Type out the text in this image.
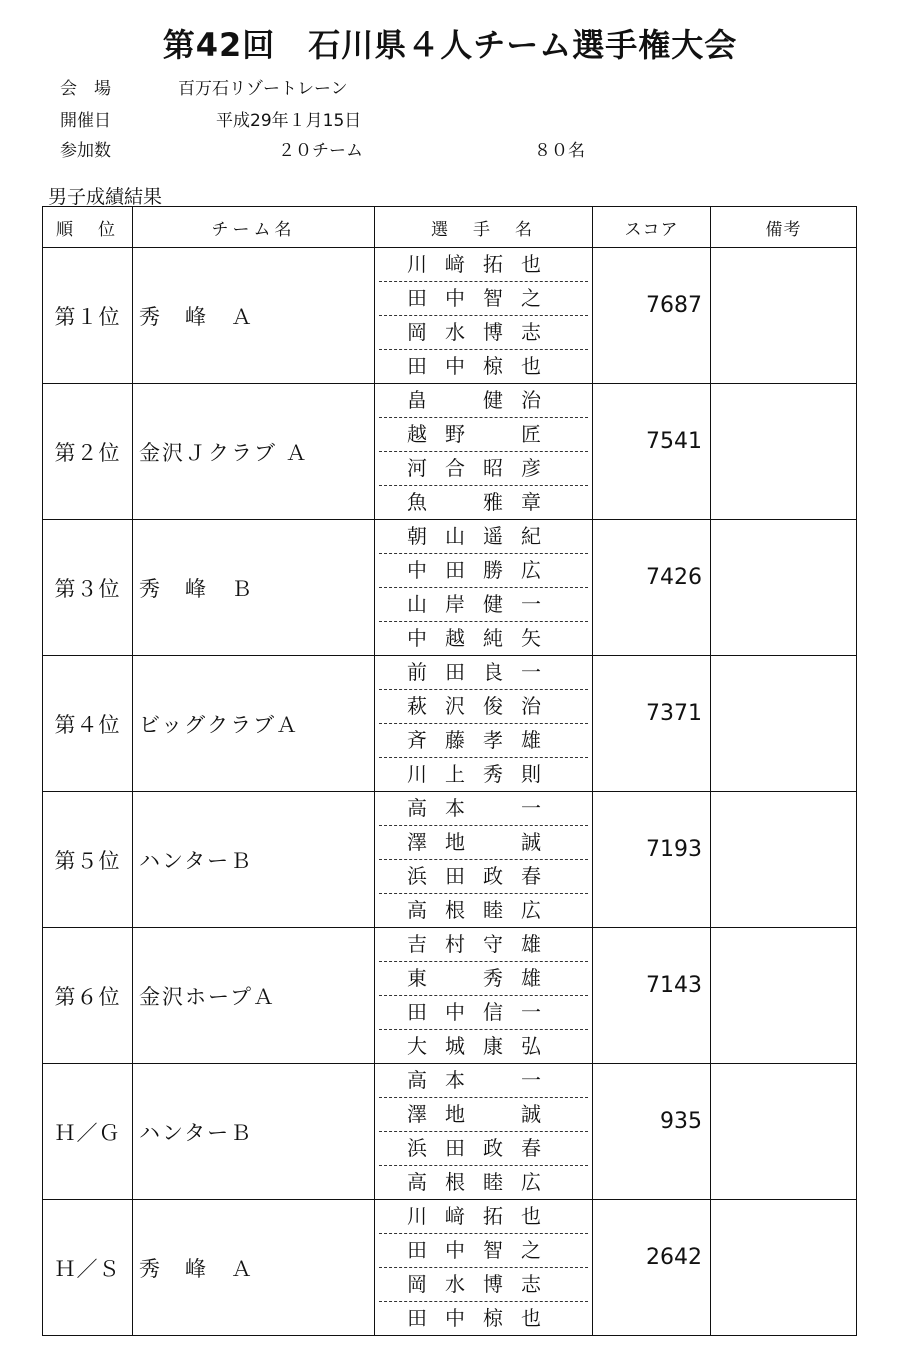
第42回　石川県４人チーム選手権大会
会　場	百万石リゾートレーン
開催日	平成29年１月15日
参加数	２０チーム	８０名
男子成績結果
順　位	チーム名	選　手　名	スコア	備考
第１位	秀　峰　Ａ	川﨑拓也
田中智之
岡水博志
田中椋也	7687	
第２位	金沢Ｊクラブ Ａ	畠　健治
越野　匠
河合昭彦
魚　雅章	7541	
第３位	秀　峰　Ｂ	朝山遥紀
中田勝広
山岸健一
中越純矢	7426	
第４位	ビッグクラブＡ	前田良一
萩沢俊治
斉藤孝雄
川上秀則	7371	
第５位	ハンターＢ	高本　一
澤地　誠
浜田政春
高根睦広	7193	
第６位	金沢ホープＡ	吉村守雄
東　秀雄
田中信一
大城康弘	7143	
Ｈ／Ｇ	ハンターＢ	高本　一
澤地　誠
浜田政春
高根睦広	935	
Ｈ／Ｓ	秀　峰　Ａ	川﨑拓也
田中智之
岡水博志
田中椋也	2642	
